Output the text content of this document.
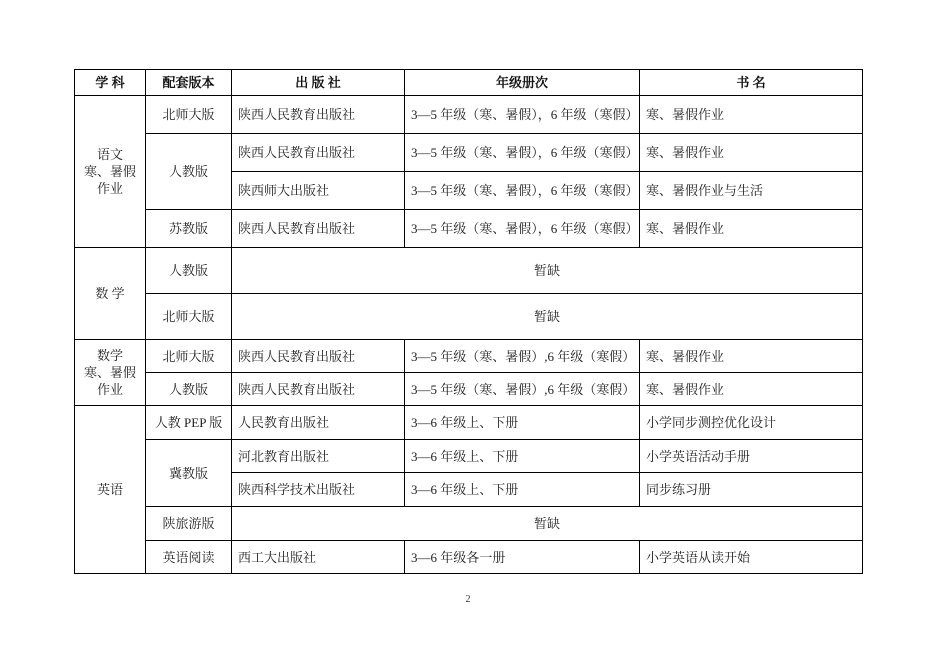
学 科	配套版本	出 版 社	年级册次	书 名

语文
寒、暑假
作业	北师大版	陕西人民教育出版社	3—5 年级（寒、暑假），6 年级（寒假）	寒、暑假作业
	人教版	陕西人民教育出版社	3—5 年级（寒、暑假），6 年级（寒假）	寒、暑假作业
		陕西师大出版社	3—5 年级（寒、暑假），6 年级（寒假）	寒、暑假作业与生活
	苏教版	陕西人民教育出版社	3—5 年级（寒、暑假），6 年级（寒假）	寒、暑假作业

数 学	人教版	暂缺		
	北师大版	暂缺		

数学
寒、暑假
作业	北师大版	陕西人民教育出版社	3—5 年级（寒、暑假）,6 年级（寒假）	寒、暑假作业
	人教版	陕西人民教育出版社	3—5 年级（寒、暑假）,6 年级（寒假）	寒、暑假作业

英语	人教 PEP 版	人民教育出版社	3—6 年级上、下册	小学同步测控优化设计
	冀教版	河北教育出版社	3—6 年级上、下册	小学英语活动手册
		陕西科学技术出版社	3—6 年级上、下册	同步练习册
	陕旅游版	暂缺		
	英语阅读	西工大出版社	3—6 年级各一册	小学英语从读开始
2
